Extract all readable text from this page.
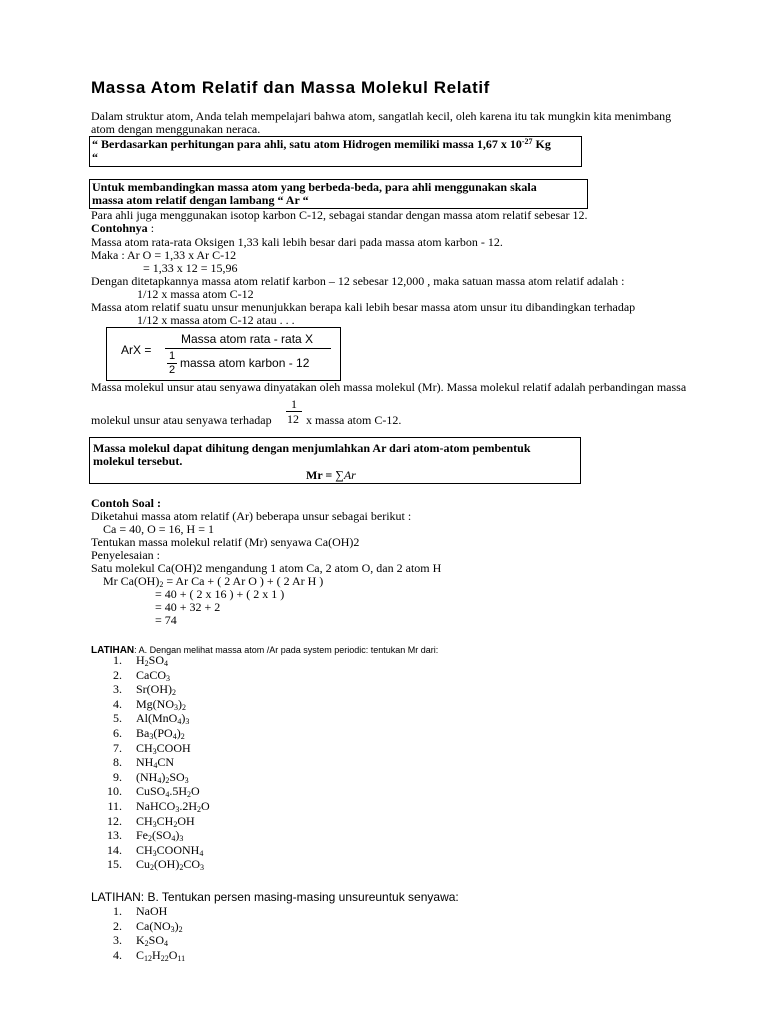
Massa Atom Relatif dan Massa Molekul Relatif
Dalam struktur atom, Anda telah mempelajari bahwa atom, sangatlah kecil, oleh karena itu tak mungkin kita menimbang
atom dengan menggunakan neraca.
“ Berdasarkan perhitungan para ahli, satu atom Hidrogen memiliki massa 1,67 x $10^{-27}$ Kg
“
Untuk membandingkan massa atom yang berbeda-beda, para ahli menggunakan skala
massa atom relatif dengan lambang “ Ar “
Para ahli juga menggunakan isotop karbon C-12, sebagai standar dengan massa atom relatif sebesar 12.
Contohnya :
Massa atom rata-rata Oksigen 1,33 kali lebih besar dari pada massa atom karbon - 12.
Maka : Ar O = 1,33 x Ar C-12
= 1,33 x 12 = 15,96
Dengan ditetapkannya massa atom relatif karbon – 12 sebesar 12,000 , maka satuan massa atom relatif adalah :
1/12 x massa atom C-12
Massa atom relatif suatu unsur menunjukkan berapa kali lebih besar massa atom unsur itu dibandingkan terhadap
1/12 x massa atom C-12 atau . . .
ArX =
Massa atom rata - rata X
1
2 massa atom karbon - 12
Massa molekul unsur atau senyawa dinyatakan oleh massa molekul (Mr). Massa molekul relatif adalah perbandingan massa
molekul unsur atau senyawa terhadap
1
12 x massa atom C-12.
Massa molekul dapat dihitung dengan menjumlahkan Ar dari atom-atom pembentuk
molekul tersebut.
Mr = ∑Ar
Contoh Soal :
Diketahui massa atom relatif (Ar) beberapa unsur sebagai berikut :
Ca = 40, O = 16, H = 1
Tentukan massa molekul relatif (Mr) senyawa Ca(OH)2
Penyelesaian :
Satu molekul Ca(OH)2 mengandung 1 atom Ca, 2 atom O, dan 2 atom H
Mr $Ca(OH)_2 = Ar$ Ca + ( 2 Ar O ) + ( 2 Ar H )
= 40 + ( 2 x 16 ) + ( 2 x 1 )
= 40 + 32 + 2
= 74
LATIHAN: A. Dengan melihat massa atom /Ar pada system periodic: tentukan Mr dari:
1. $H_2SO_4$
2. CaCO$_3$
3. $Sr(OH)_2$
4. $Mg(NO_3)_2$
5. $Al(MnO_4)_3$
6. $Ba_3(PO_4)_2$
7. $CH_3COOH$
8. $NH_4CN$
9. $(NH_4)_2SO_3$
10. $CuSO_4.5H_2O$
11. $NaHCO_3.2H_2O$
12. $CH_3CH_2OH$
13. $Fe_2(SO_4)_3$
14. $CH_3COONH_4$
15. $Cu_2(OH)_2CO_3$
LATIHAN: B. Tentukan persen masing-masing unsureuntuk senyawa:
1. NaOH
2. $Ca(NO_3)_2$
3. $K_2SO_4$
4. $C_{12}H_{22}O_{11}$
